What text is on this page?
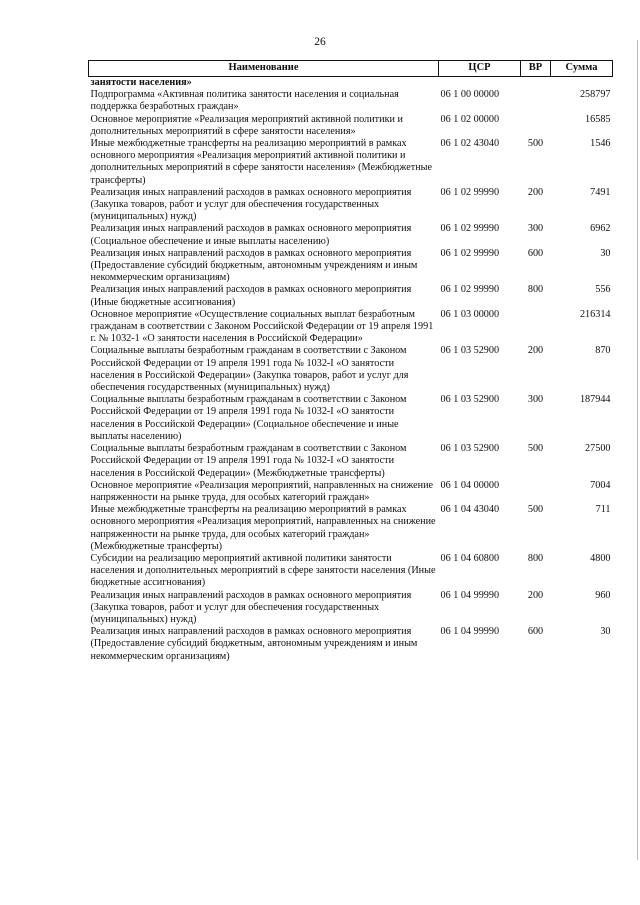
26
Наименование	ЦСР	ВР	Сумма
занятости населения»			
Подпрограмма «Активная политика занятости населения и социальная поддержка безработных граждан»	06 1 00 00000		258797
Основное мероприятие «Реализация мероприятий активной политики и дополнительных мероприятий в сфере занятости населения»	06 1 02 00000		16585
Иные межбюджетные трансферты на реализацию мероприятий в рамках основного мероприятия «Реализация мероприятий активной политики и дополнительных мероприятий в сфере занятости населения» (Межбюджетные трансферты)	06 1 02 43040	500	1546
Реализация иных направлений расходов в рамках основного мероприятия (Закупка товаров, работ и услуг для обеспечения государственных (муниципальных) нужд)	06 1 02 99990	200	7491
Реализация иных направлений расходов в рамках основного мероприятия (Социальное обеспечение и иные выплаты населению)	06 1 02 99990	300	6962
Реализация иных направлений расходов в рамках основного мероприятия (Предоставление субсидий бюджетным, автономным учреждениям и иным некоммерческим организациям)	06 1 02 99990	600	30
Реализация иных направлений расходов в рамках основного мероприятия (Иные бюджетные ассигнования)	06 1 02 99990	800	556
Основное мероприятие «Осуществление социальных выплат безработным гражданам в соответствии с Законом Российской Федерации от 19 апреля 1991 г. № 1032-1 «О занятости населения в Российской Федерации»	06 1 03 00000		216314
Социальные выплаты безработным гражданам в соответствии с Законом Российской Федерации от 19 апреля 1991 года № 1032-I «О занятости населения в Российской Федерации» (Закупка товаров, работ и услуг для обеспечения государственных (муниципальных) нужд)	06 1 03 52900	200	870
Социальные выплаты безработным гражданам в соответствии с Законом Российской Федерации от 19 апреля 1991 года № 1032-I «О занятости населения в Российской Федерации» (Социальное обеспечение и иные выплаты населению)	06 1 03 52900	300	187944
Социальные выплаты безработным гражданам в соответствии с Законом Российской Федерации от 19 апреля 1991 года № 1032-I «О занятости населения в Российской Федерации» (Межбюджетные трансферты)	06 1 03 52900	500	27500
Основное мероприятие «Реализация мероприятий, направленных на снижение напряженности на рынке труда, для особых категорий граждан»	06 1 04 00000		7004
Иные межбюджетные трансферты на реализацию мероприятий в рамках основного мероприятия «Реализация мероприятий, направленных на снижение напряженности на рынке труда, для особых категорий граждан» (Межбюджетные трансферты)	06 1 04 43040	500	711
Субсидии на реализацию мероприятий активной политики занятости населения и дополнительных мероприятий в сфере занятости населения (Иные бюджетные ассигнования)	06 1 04 60800	800	4800
Реализация иных направлений расходов в рамках основного мероприятия (Закупка товаров, работ и услуг для обеспечения государственных (муниципальных) нужд)	06 1 04 99990	200	960
Реализация иных направлений расходов в рамках основного мероприятия (Предоставление субсидий бюджетным, автономным учреждениям и иным некоммерческим организациям)	06 1 04 99990	600	30
